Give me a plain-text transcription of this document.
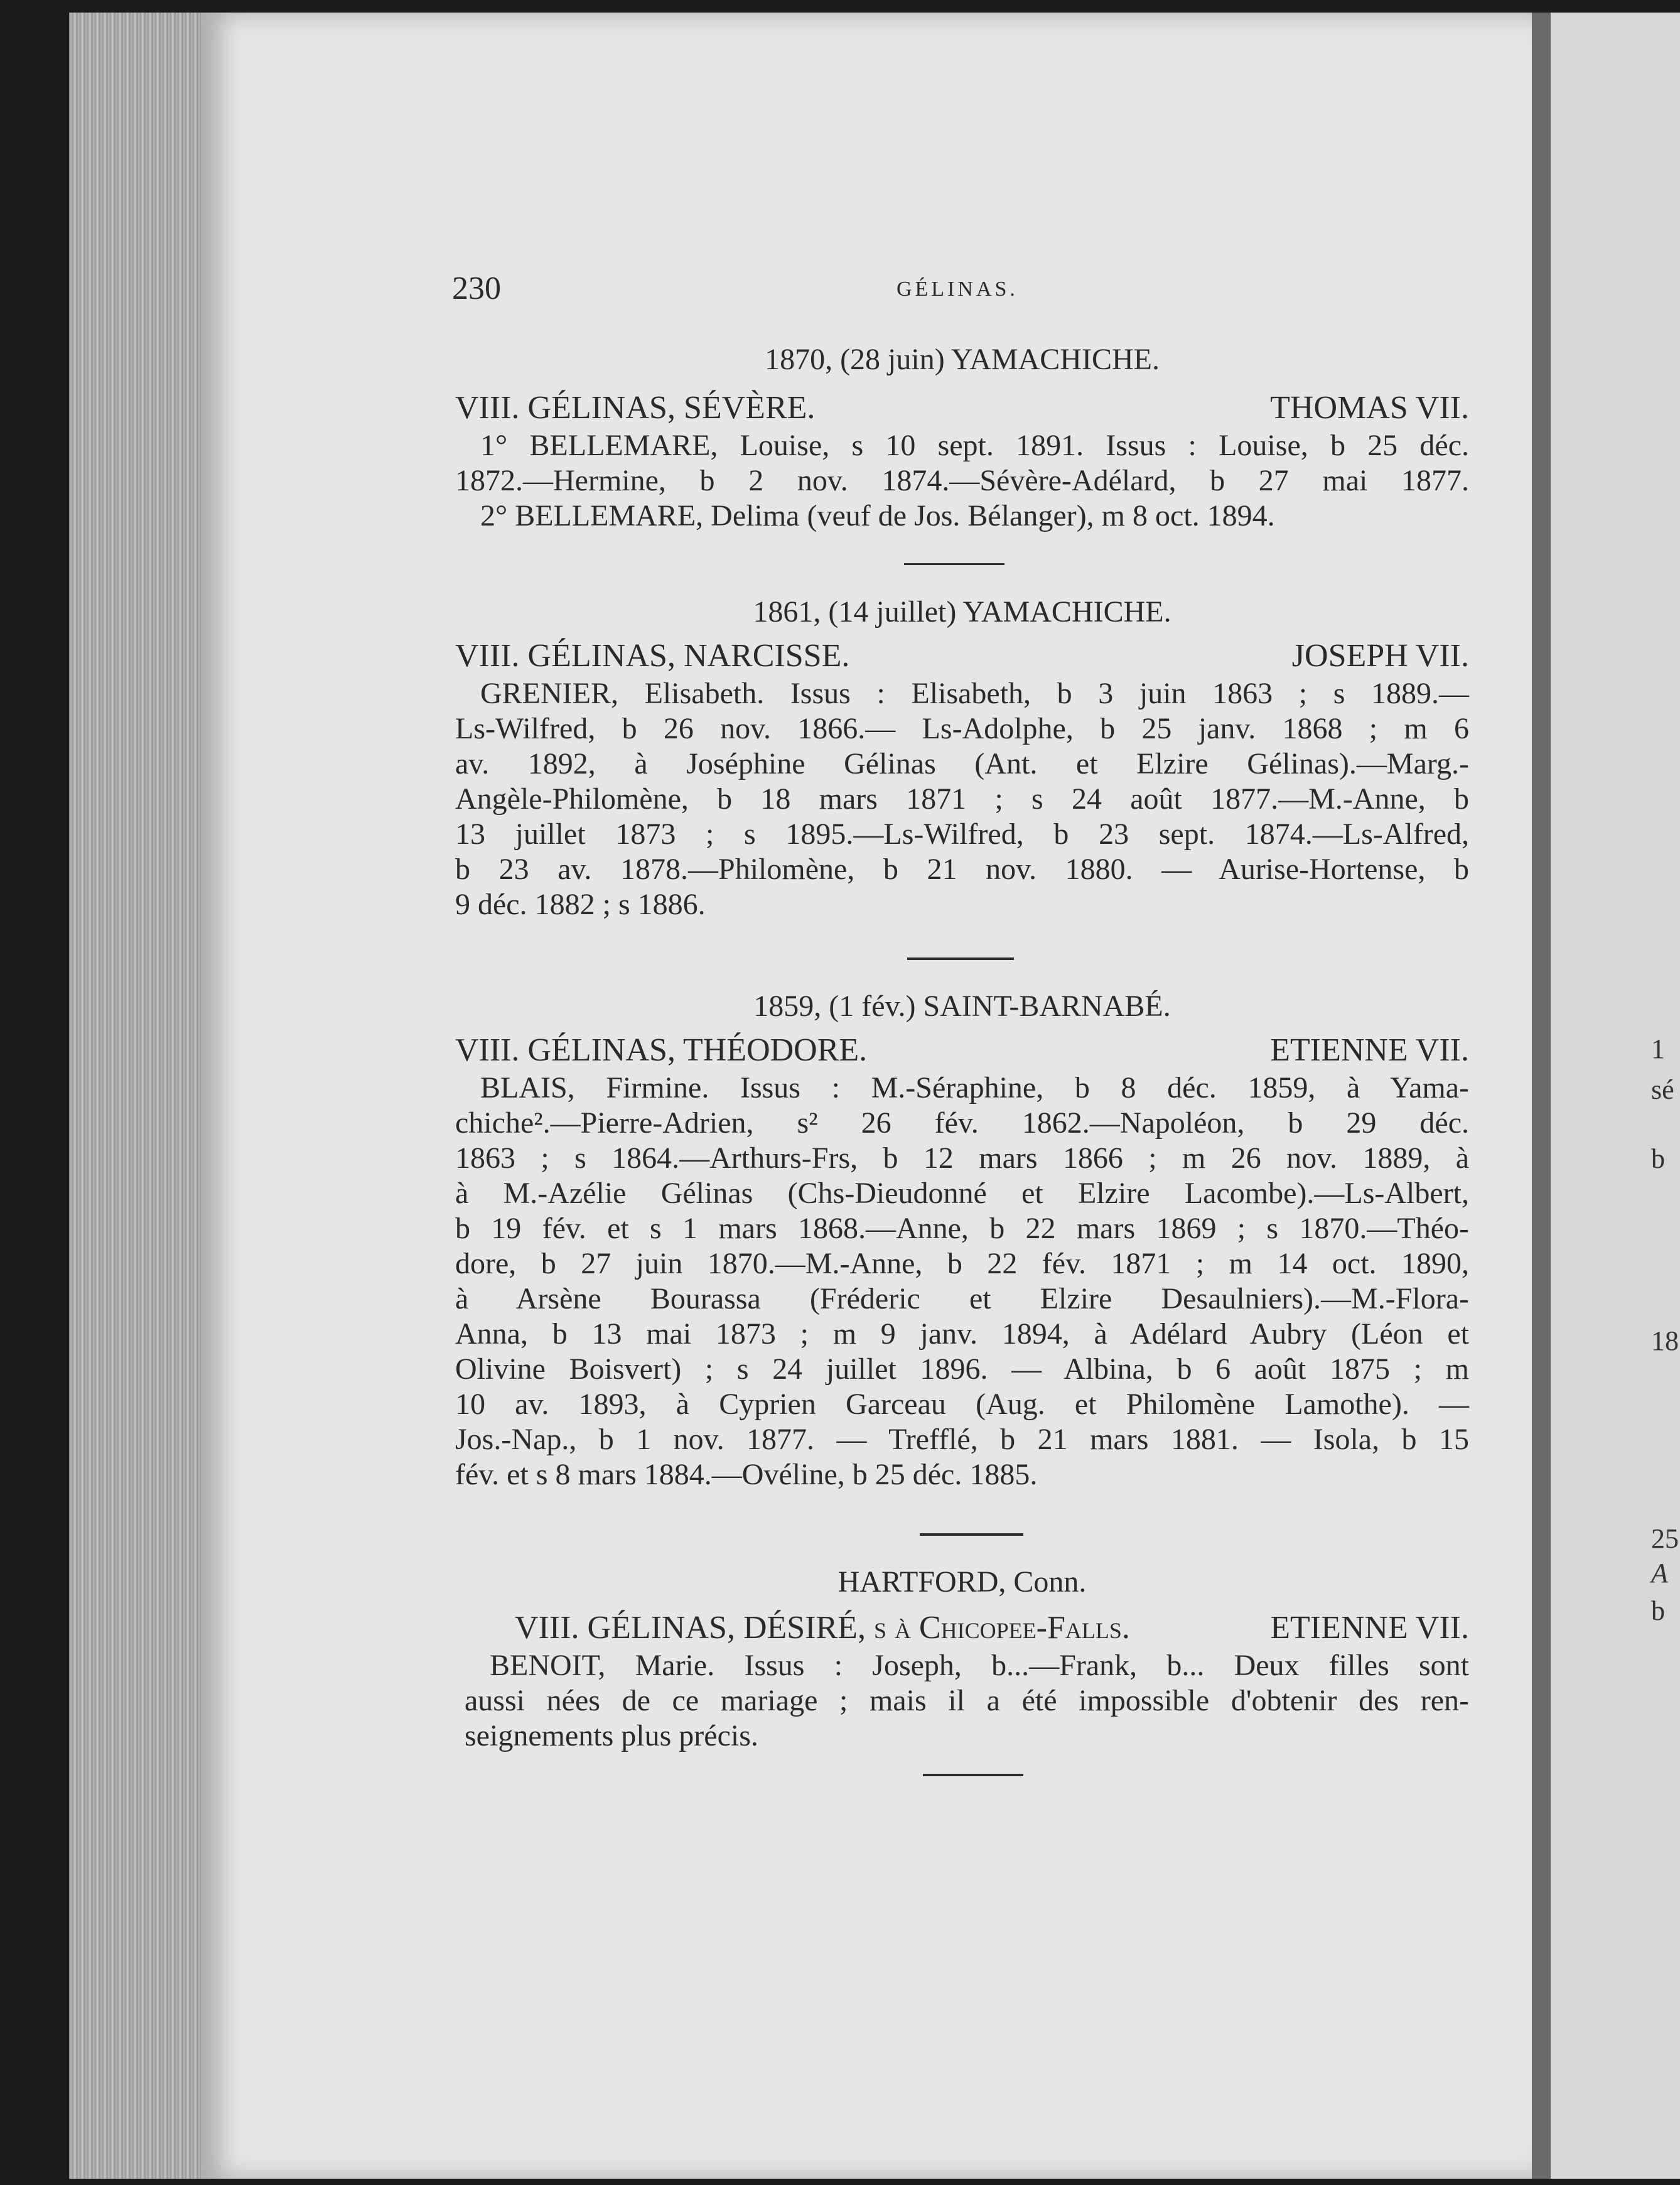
1
sé
b
18
25
A
b
230	GÉLINAS.
1870, (28 juin) YAMACHICHE.
VIII. GÉLINAS, SÉVÈRE.	THOMAS VII.
1° BELLEMARE, Louise, s 10 sept. 1891. Issus : Louise, b 25 déc.
1872.—Hermine, b 2 nov. 1874.—Sévère-Adélard, b 27 mai 1877.
2° BELLEMARE, Delima (veuf de Jos. Bélanger), m 8 oct. 1894.
1861, (14 juillet) YAMACHICHE.
VIII. GÉLINAS, NARCISSE.	JOSEPH VII.
GRENIER, Elisabeth. Issus : Elisabeth, b 3 juin 1863 ; s 1889.—
Ls-Wilfred, b 26 nov. 1866.— Ls-Adolphe, b 25 janv. 1868 ; m 6
av. 1892, à Joséphine Gélinas (Ant. et Elzire Gélinas).—Marg.-
Angèle-Philomène, b 18 mars 1871 ; s 24 août 1877.—M.-Anne, b
13 juillet 1873 ; s 1895.—Ls-Wilfred, b 23 sept. 1874.—Ls-Alfred,
b 23 av. 1878.—Philomène, b 21 nov. 1880. — Aurise-Hortense, b
9 déc. 1882 ; s 1886.
1859, (1 fév.) SAINT-BARNABÉ.
VIII. GÉLINAS, THÉODORE.	ETIENNE VII.
BLAIS, Firmine. Issus : M.-Séraphine, b 8 déc. 1859, à Yama-
chiche².—Pierre-Adrien, s² 26 fév. 1862.—Napoléon, b 29 déc.
1863 ; s 1864.—Arthurs-Frs, b 12 mars 1866 ; m 26 nov. 1889, à
à M.-Azélie Gélinas (Chs-Dieudonné et Elzire Lacombe).—Ls-Albert,
b 19 fév. et s 1 mars 1868.—Anne, b 22 mars 1869 ; s 1870.—Théo-
dore, b 27 juin 1870.—M.-Anne, b 22 fév. 1871 ; m 14 oct. 1890,
à Arsène Bourassa (Fréderic et Elzire Desaulniers).—M.-Flora-
Anna, b 13 mai 1873 ; m 9 janv. 1894, à Adélard Aubry (Léon et
Olivine Boisvert) ; s 24 juillet 1896. — Albina, b 6 août 1875 ; m
10 av. 1893, à Cyprien Garceau (Aug. et Philomène Lamothe). —
Jos.-Nap., b 1 nov. 1877. — Trefflé, b 21 mars 1881. — Isola, b 15
fév. et s 8 mars 1884.—Ovéline, b 25 déc. 1885.
HARTFORD, Conn.
VIII. GÉLINAS, DÉSIRÉ, s à Chicopee-Falls.	ETIENNE VII.
BENOIT, Marie. Issus : Joseph, b...—Frank, b... Deux filles sont
aussi nées de ce mariage ; mais il a été impossible d'obtenir des ren-
seignements plus précis.
